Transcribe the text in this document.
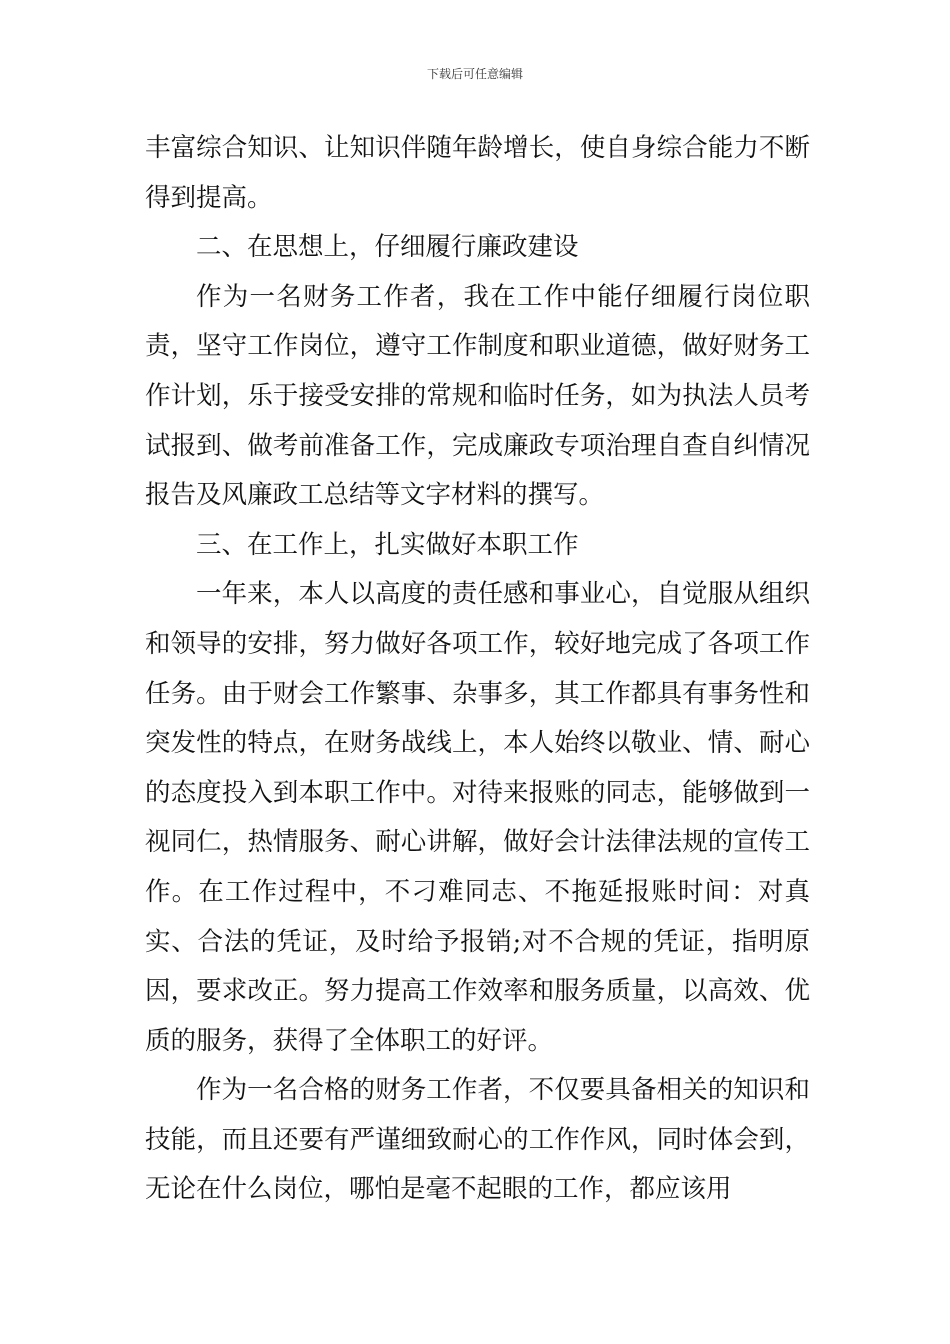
下载后可任意编辑

丰富综合知识、让知识伴随年龄增长，使自身综合能力不断得到提高。

二、在思想上，仔细履行廉政建设

作为一名财务工作者，我在工作中能仔细履行岗位职责，坚守工作岗位，遵守工作制度和职业道德，做好财务工作计划，乐于接受安排的常规和临时任务，如为执法人员考试报到、做考前准备工作，完成廉政专项治理自查自纠情况报告及风廉政工总结等文字材料的撰写。

三、在工作上，扎实做好本职工作

一年来，本人以高度的责任感和事业心，自觉服从组织和领导的安排，努力做好各项工作，较好地完成了各项工作任务。由于财会工作繁事、杂事多，其工作都具有事务性和突发性的特点，在财务战线上，本人始终以敬业、情、耐心的态度投入到本职工作中。对待来报账的同志，能够做到一视同仁，热情服务、耐心讲解，做好会计法律法规的宣传工作。在工作过程中，不刁难同志、不拖延报账时间：对真实、合法的凭证，及时给予报销;对不合规的凭证，指明原因，要求改正。努力提高工作效率和服务质量，以高效、优质的服务，获得了全体职工的好评。

作为一名合格的财务工作者，不仅要具备相关的知识和技能，而且还要有严谨细致耐心的工作作风，同时体会到，无论在什么岗位，哪怕是毫不起眼的工作，都应该用
